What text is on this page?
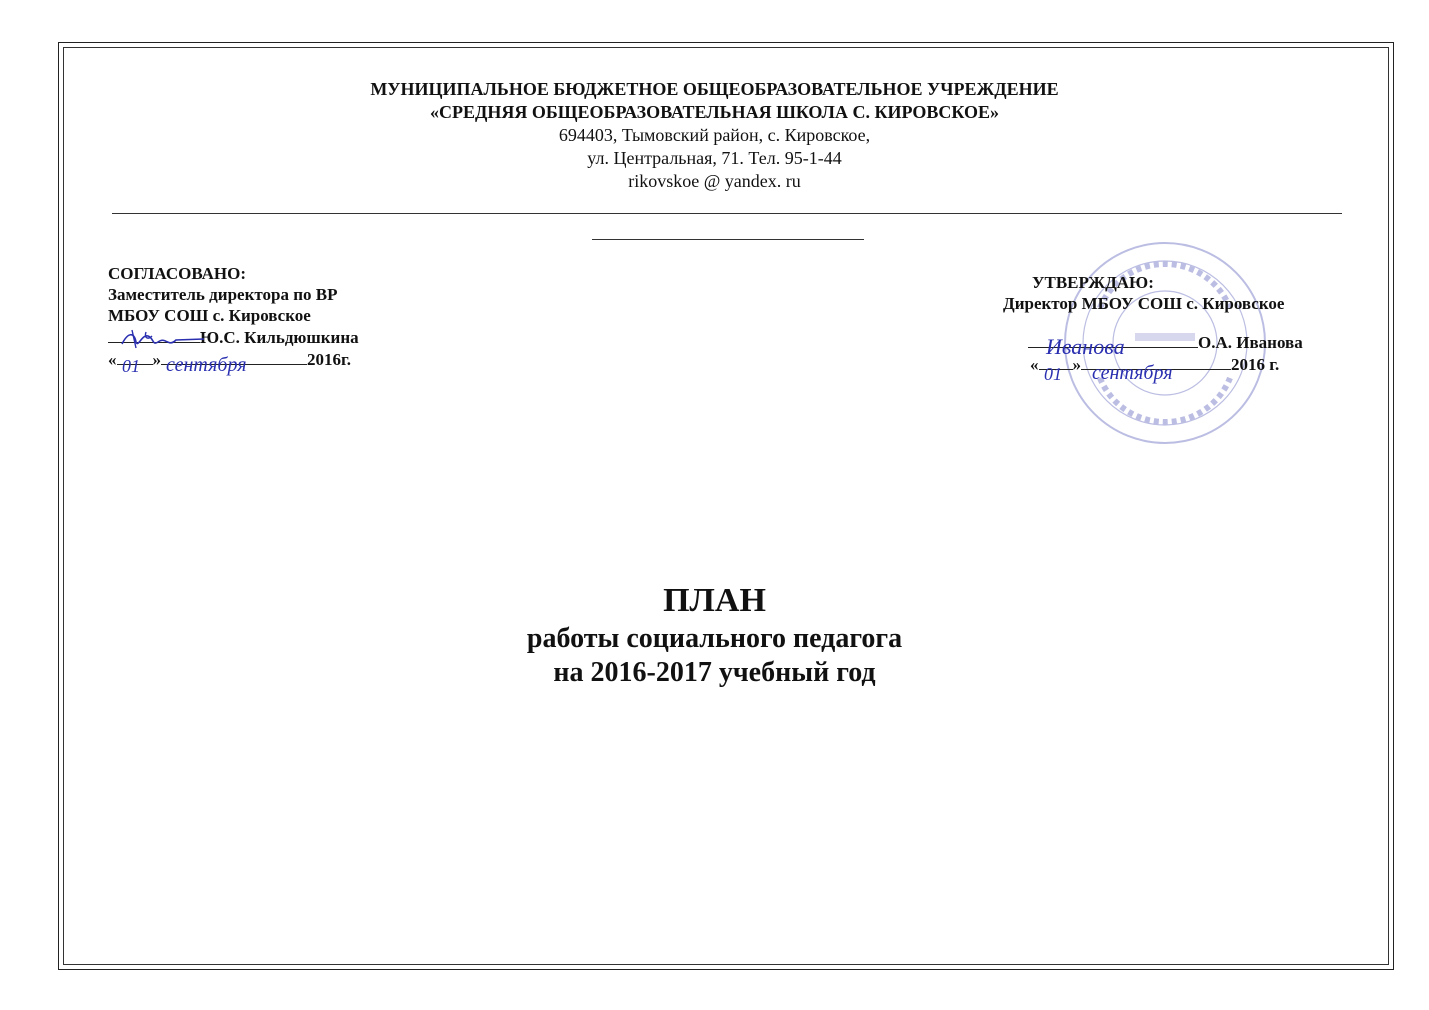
МУНИЦИПАЛЬНОЕ БЮДЖЕТНОЕ ОБЩЕОБРАЗОВАТЕЛЬНОЕ УЧРЕЖДЕНИЕ
«СРЕДНЯЯ ОБЩЕОБРАЗОВАТЕЛЬНАЯ ШКОЛА С. КИРОВСКОЕ»
694403, Тымовский район, с. Кировское,
ул. Центральная, 71. Тел. 95-1-44
rikovskoe @ yandex. ru
СОГЛАСОВАНО:
Заместитель директора по ВР
МБОУ СОШ с. Кировское
Ю.С. Кильдюшкина
« »	2016г.
01 сентября
УТВЕРЖДАЮ:
Директор МБОУ СОШ с. Кировское
О.А. Иванова
« »	2016 г.
Иванова
01 сентября
ПЛАН
работы социального педагога
на 2016-2017 учебный год
